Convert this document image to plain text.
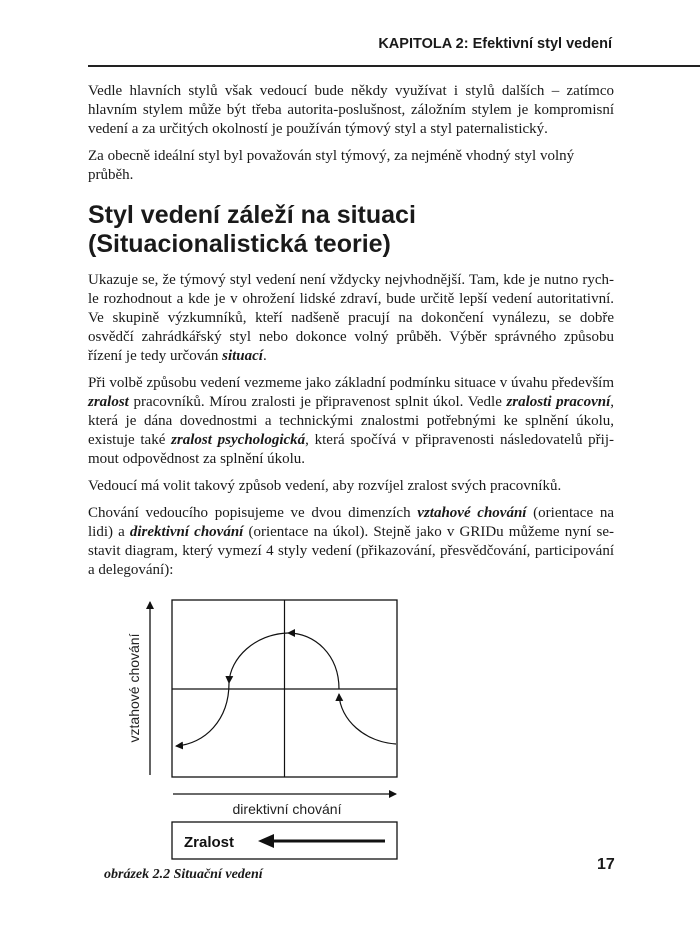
KAPITOLA 2: Efektivní styl vedení

Vedle hlavních stylů však vedoucí bude někdy využívat i stylů dalších – zatímco hlavním stylem může být třeba autorita-poslušnost, záložním stylem je kompromisní vedení a za určitých okolností je používán týmový styl a styl paternalistický.

Za obecně ideální styl byl považován styl týmový, za nejméně vhodný styl volný průběh.

Styl vedení záleží na situaci
(Situacionalistická teorie)

Ukazuje se, že týmový styl vedení není vždycky nejvhodnější. Tam, kde je nutno rychle rozhodnout a kde je v ohrožení lidské zdraví, bude určitě lepší vedení autoritativní. Ve skupině výzkumníků, kteří nadšeně pracují na dokončení vynálezu, se dobře osvědčí zahrádkářský styl nebo dokonce volný průběh. Výběr správného způsobu řízení je tedy určován situací.

Při volbě způsobu vedení vezmeme jako základní podmínku situace v úvahu především zralost pracovníků. Mírou zralosti je připravenost splnit úkol. Vedle zralosti pracovní, která je dána dovednostmi a technickými znalostmi potřebnými ke splnění úkolu, existuje také zralost psychologická, která spočívá v připravenosti následovatelů přijmout odpovědnost za splnění úkolu.

Vedoucí má volit takový způsob vedení, aby rozvíjel zralost svých pracovníků.

Chování vedoucího popisujeme ve dvou dimenzích vztahové chování (orientace na lidi) a direktivní chování (orientace na úkol). Stejně jako v GRIDu můžeme nyní sestavit diagram, který vymezí 4 styly vedení (přikazování, přesvědčování, participování a delegování):

vztahové chování
direktivní chování
Zralost
obrázek 2.2 Situační vedení
17
